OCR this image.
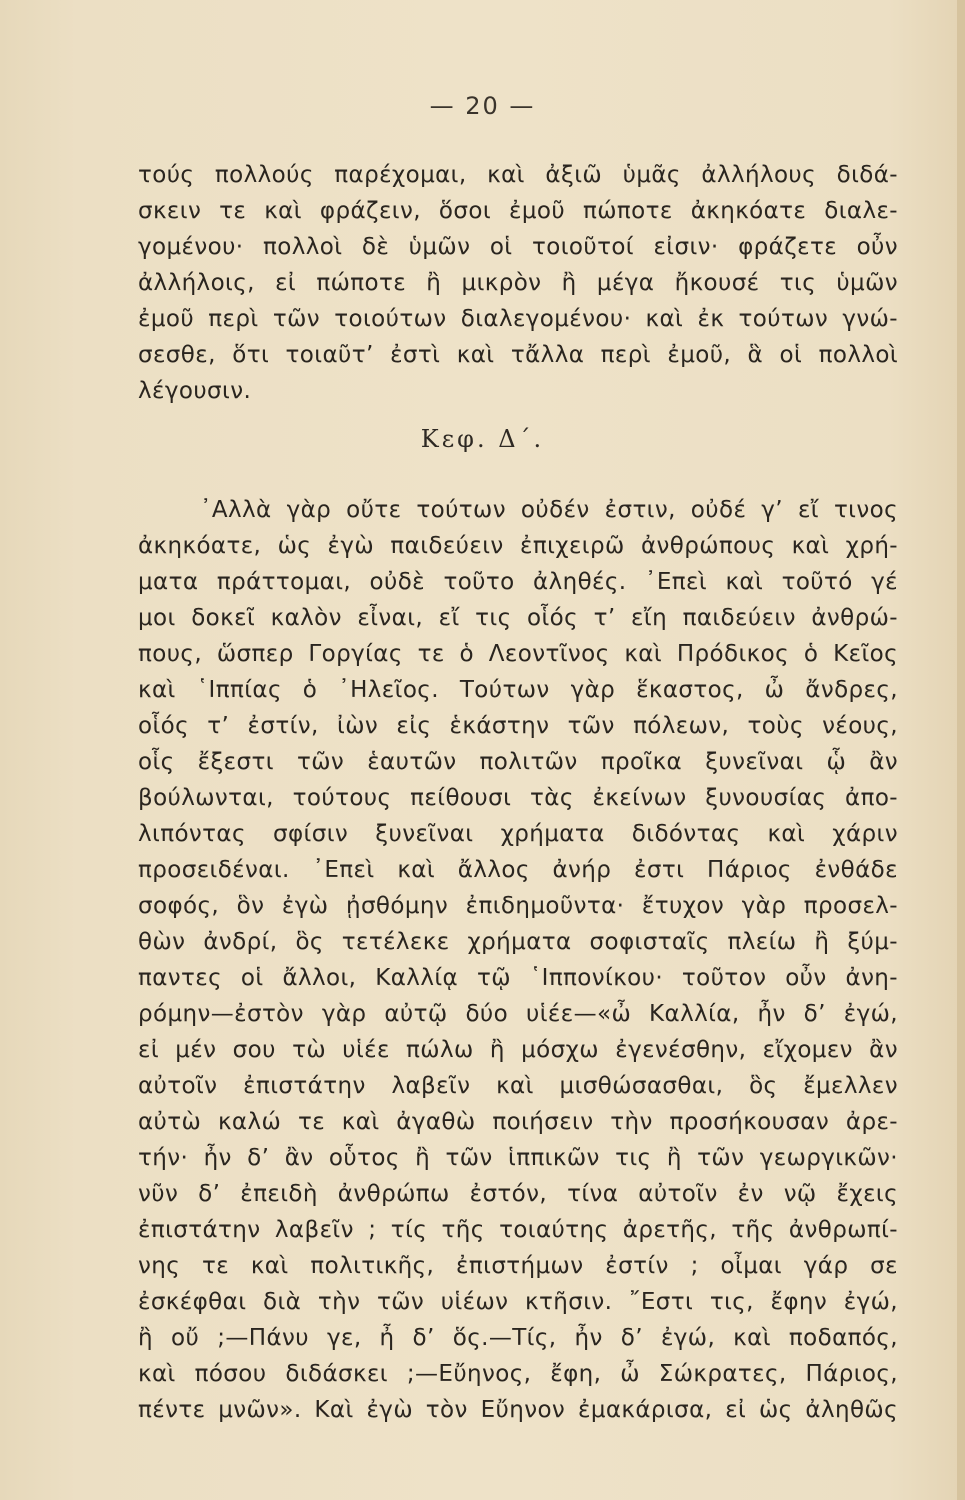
— 20 —
τούς πολλούς παρέχομαι, καὶ ἀξιῶ ὑμᾶς ἀλλήλους διδά-
σκειν τε καὶ φράζειν, ὅσοι ἐμοῦ πώποτε ἀκηκόατε διαλε-
γομένου· πολλοὶ δὲ ὑμῶν οἱ τοιοῦτοί εἰσιν· φράζετε οὖν
ἀλλήλοις, εἰ πώποτε ἢ μικρὸν ἢ μέγα ἤκουσέ τις ὑμῶν
ἐμοῦ περὶ τῶν τοιούτων διαλεγομένου· καὶ ἐκ τούτων γνώ-
σεσθε, ὅτι τοιαῦτ’ ἐστὶ καὶ τἄλλα περὶ ἐμοῦ, ἃ οἱ πολλοὶ
λέγουσιν.
Κεφ. Δ΄.
᾿Αλλὰ γὰρ οὔτε τούτων οὐδέν ἐστιν, οὐδέ γ’ εἴ τινος
ἀκηκόατε, ὡς ἐγὼ παιδεύειν ἐπιχειρῶ ἀνθρώπους καὶ χρή-
ματα πράττομαι, οὐδὲ τοῦτο ἀληθές. ᾿Επεὶ καὶ τοῦτό γέ
μοι δοκεῖ καλὸν εἶναι, εἴ τις οἷός τ’ εἴη παιδεύειν ἀνθρώ-
πους, ὥσπερ Γοργίας τε ὁ Λεοντῖνος καὶ Πρόδικος ὁ Κεῖος
καὶ ῾Ιππίας ὁ ᾿Ηλεῖος. Τούτων γὰρ ἕκαστος, ὦ ἄνδρες,
οἷός τ’ ἐστίν, ἰὼν εἰς ἑκάστην τῶν πόλεων, τοὺς νέους,
οἷς ἔξεστι τῶν ἑαυτῶν πολιτῶν προῖκα ξυνεῖναι ᾧ ἂν
βούλωνται, τούτους πείθουσι τὰς ἐκείνων ξυνουσίας ἀπο-
λιπόντας σφίσιν ξυνεῖναι χρήματα διδόντας καὶ χάριν
προσειδέναι. ᾿Επεὶ καὶ ἄλλος ἀνήρ ἐστι Πάριος ἐνθάδε
σοφός, ὃν ἐγὼ ᾐσθόμην ἐπιδημοῦντα· ἔτυχον γὰρ προσελ-
θὼν ἀνδρί, ὃς τετέλεκε χρήματα σοφισταῖς πλείω ἢ ξύμ-
παντες οἱ ἄλλοι, Καλλίᾳ τῷ ῾Ιππονίκου· τοῦτον οὖν ἀνη-
ρόμην—ἐστὸν γὰρ αὐτῷ δύο υἱέε—«ὦ Καλλία, ἦν δ’ ἐγώ,
εἰ μέν σου τὼ υἱέε πώλω ἢ μόσχω ἐγενέσθην, εἴχομεν ἂν
αὐτοῖν ἐπιστάτην λαβεῖν καὶ μισθώσασθαι, ὃς ἔμελλεν
αὐτὼ καλώ τε καὶ ἀγαθὼ ποιήσειν τὴν προσήκουσαν ἀρε-
τήν· ἦν δ’ ἂν οὗτος ἢ τῶν ἱππικῶν τις ἢ τῶν γεωργικῶν·
νῦν δ’ ἐπειδὴ ἀνθρώπω ἐστόν, τίνα αὐτοῖν ἐν νῷ ἔχεις
ἐπιστάτην λαβεῖν ; τίς τῆς τοιαύτης ἀρετῆς, τῆς ἀνθρωπί-
νης τε καὶ πολιτικῆς, ἐπιστήμων ἐστίν ; οἶμαι γάρ σε
ἐσκέφθαι διὰ τὴν τῶν υἱέων κτῆσιν. ῎Εστι τις, ἔφην ἐγώ,
ἢ οὔ ;—Πάνυ γε, ἦ δ’ ὅς.—Τίς, ἦν δ’ ἐγώ, καὶ ποδαπός,
καὶ πόσου διδάσκει ;—Εὔηνος, ἔφη, ὦ Σώκρατες, Πάριος,
πέντε μνῶν». Καὶ ἐγὼ τὸν Εὔηνον ἐμακάρισα, εἰ ὡς ἀληθῶς
